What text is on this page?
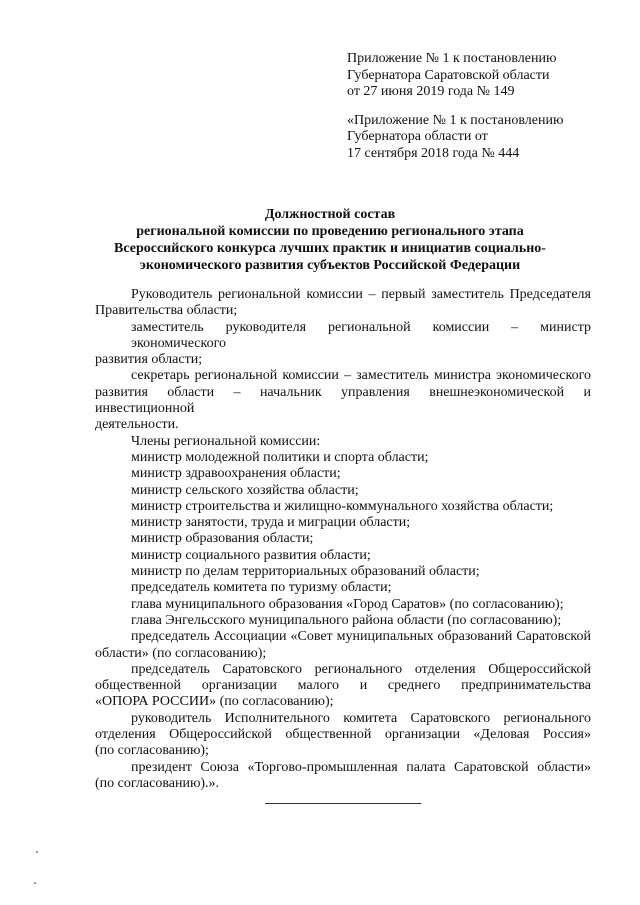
Приложение № 1 к постановлению
Губернатора Саратовской области
от 27 июня 2019 года № 149
«Приложение № 1 к постановлению
Губернатора области от
17 сентября 2018 года № 444
Должностной состав
региональной комиссии по проведению регионального этапа
Всероссийского конкурса лучших практик и инициатив социально-
экономического развития субъектов Российской Федерации

Руководитель региональной комиссии – первый заместитель Председателя
Правительства области;

заместитель руководителя региональной комиссии – министр экономического
развития области;

секретарь региональной комиссии – заместитель министра экономического
развития области – начальник управления внешнеэкономической и инвестиционной
деятельности.

Члены региональной комиссии:

министр молодежной политики и спорта области;

министр здравоохранения области;

министр сельского хозяйства области;

министр строительства и жилищно-коммунального хозяйства области;

министр занятости, труда и миграции области;

министр образования области;

министр социального развития области;

министр по делам территориальных образований области;

председатель комитета по туризму области;

глава муниципального образования «Город Саратов» (по согласованию);

глава Энгельсского муниципального района области (по согласованию);

председатель Ассоциации «Совет муниципальных образований Саратовской
области» (по согласованию);

председатель Саратовского регионального отделения Общероссийской
общественной организации малого и среднего предпринимательства
«ОПОРА РОССИИ» (по согласованию);

руководитель Исполнительного комитета Саратовского регионального
отделения Общероссийской общественной организации «Деловая Россия»
(по согласованию);

президент Союза «Торгово-промышленная палата Саратовской области»
(по согласованию).».
